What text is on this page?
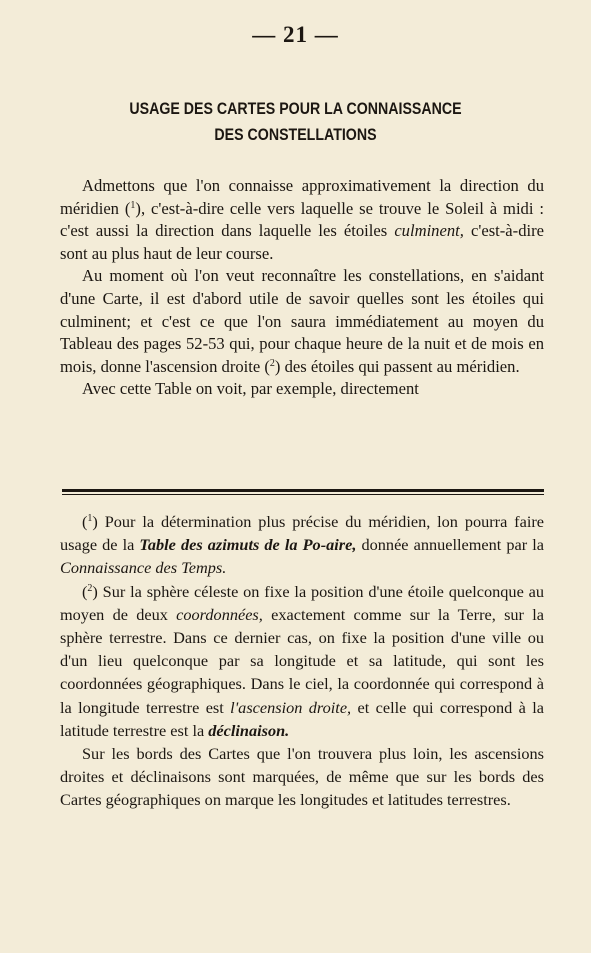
— 21 —
USAGE DES CARTES POUR LA CONNAISSANCE
DES CONSTELLATIONS

Admettons que l'on connaisse approximativement la direction du méridien ($^1$), c'est-à-dire celle vers laquelle se trouve le Soleil à midi : c'est aussi la direction dans laquelle les étoiles culminent, c'est-à-dire sont au plus haut de leur course.

Au moment où l'on veut reconnaître les constellations, en s'aidant d'une Carte, il est d'abord utile de savoir quelles sont les étoiles qui culminent; et c'est ce que l'on saura immédiatement au moyen du Tableau des pages 52-53 qui, pour chaque heure de la nuit et de mois en mois, donne l'ascension droite ($^2$) des étoiles qui passent au méridien.

Avec cette Table on voit, par exemple, directement

($^1$) Pour la détermination plus précise du méridien, lon pourra faire usage de la Table des azimuts de la Po-aire, donnée annuellement par la Connaissance des Temps.

($^2$) Sur la sphère céleste on fixe la position d'une étoile quelconque au moyen de deux coordonnées, exactement comme sur la Terre, sur la sphère terrestre. Dans ce dernier cas, on fixe la position d'une ville ou d'un lieu quelconque par sa longitude et sa latitude, qui sont les coordonnées géographiques. Dans le ciel, la coordonnée qui correspond à la longitude terrestre est l'ascension droite, et celle qui correspond à la latitude terrestre est la déclinaison.

Sur les bords des Cartes que l'on trouvera plus loin, les ascensions droites et déclinaisons sont marquées, de même que sur les bords des Cartes géographiques on marque les longitudes et latitudes terrestres.
